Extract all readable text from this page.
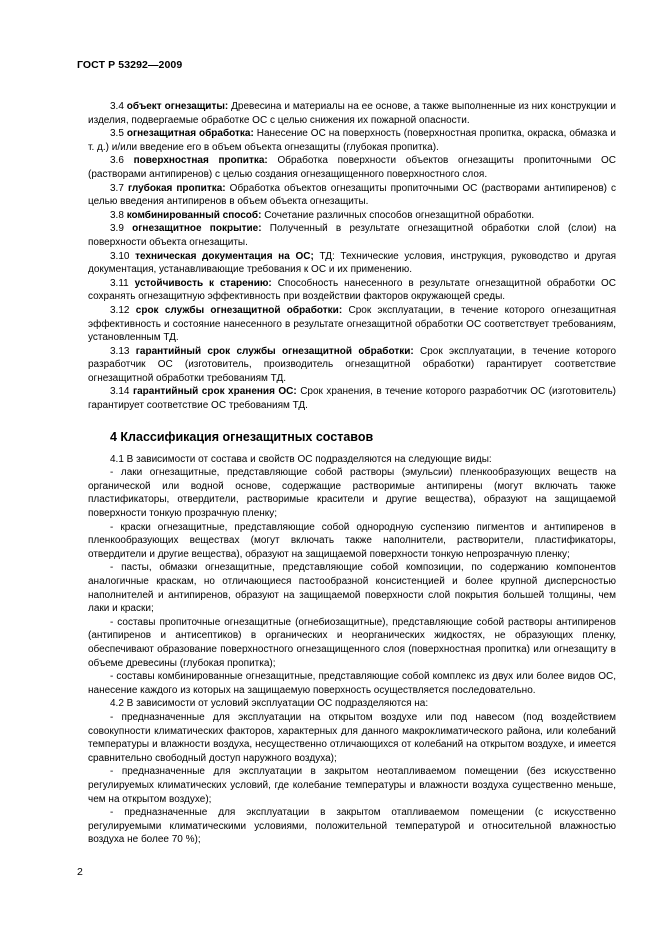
ГОСТ Р 53292—2009

3.4 объект огнезащиты: Древесина и материалы на ее основе, а также выполненные из них конструкции и изделия, подвергаемые обработке ОС с целью снижения их пожарной опасности.

3.5 огнезащитная обработка: Нанесение ОС на поверхность (поверхностная пропитка, окраска, обмазка и т. д.) и/или введение его в объем объекта огнезащиты (глубокая пропитка).

3.6 поверхностная пропитка: Обработка поверхности объектов огнезащиты пропиточными ОС (растворами антипиренов) с целью создания огнезащищенного поверхностного слоя.

3.7 глубокая пропитка: Обработка объектов огнезащиты пропиточными ОС (растворами антипиренов) с целью введения антипиренов в объем объекта огнезащиты.

3.8 комбинированный способ: Сочетание различных способов огнезащитной обработки.

3.9 огнезащитное покрытие: Полученный в результате огнезащитной обработки слой (слои) на поверхности объекта огнезащиты.

3.10 техническая документация на ОС; ТД: Технические условия, инструкция, руководство и другая документация, устанавливающие требования к ОС и их применению.

3.11 устойчивость к старению: Способность нанесенного в результате огнезащитной обработки ОС сохранять огнезащитную эффективность при воздействии факторов окружающей среды.

3.12 срок службы огнезащитной обработки: Срок эксплуатации, в течение которого огнезащитная эффективность и состояние нанесенного в результате огнезащитной обработки ОС соответствует требованиям, установленным ТД.

3.13 гарантийный срок службы огнезащитной обработки: Срок эксплуатации, в течение которого разработчик ОС (изготовитель, производитель огнезащитной обработки) гарантирует соответствие огнезащитной обработки требованиям ТД.

3.14 гарантийный срок хранения ОС: Срок хранения, в течение которого разработчик ОС (изготовитель) гарантирует соответствие ОС требованиям ТД.

4 Классификация огнезащитных составов

4.1 В зависимости от состава и свойств ОС подразделяются на следующие виды:

- лаки огнезащитные, представляющие собой растворы (эмульсии) пленкообразующих веществ на органической или водной основе, содержащие растворимые антипирены (могут включать также пластификаторы, отвердители, растворимые красители и другие вещества), образуют на защищаемой поверхности тонкую прозрачную пленку;

- краски огнезащитные, представляющие собой однородную суспензию пигментов и антипиренов в пленкообразующих веществах (могут включать также наполнители, растворители, пластификаторы, отвердители и другие вещества), образуют на защищаемой поверхности тонкую непрозрачную пленку;

- пасты, обмазки огнезащитные, представляющие собой композиции, по содержанию компонентов аналогичные краскам, но отличающиеся пастообразной консистенцией и более крупной дисперсностью наполнителей и антипиренов, образуют на защищаемой поверхности слой покрытия большей толщины, чем лаки и краски;

- составы пропиточные огнезащитные (огнебиозащитные), представляющие собой растворы антипиренов (антипиренов и антисептиков) в органических и неорганических жидкостях, не образующих пленку, обеспечивают образование поверхностного огнезащищенного слоя (поверхностная пропитка) или огнезащиту в объеме древесины (глубокая пропитка);

- составы комбинированные огнезащитные, представляющие собой комплекс из двух или более видов ОС, нанесение каждого из которых на защищаемую поверхность осуществляется последовательно.

4.2 В зависимости от условий эксплуатации ОС подразделяются на:

- предназначенные для эксплуатации на открытом воздухе или под навесом (под воздействием совокупности климатических факторов, характерных для данного макроклиматического района, или колебаний температуры и влажности воздуха, несущественно отличающихся от колебаний на открытом воздухе, и имеется сравнительно свободный доступ наружного воздуха);

- предназначенные для эксплуатации в закрытом неотапливаемом помещении (без искусственно регулируемых климатических условий, где колебание температуры и влажности воздуха существенно меньше, чем на открытом воздухе);

- предназначенные для эксплуатации в закрытом отапливаемом помещении (с искусственно регулируемыми климатическими условиями, положительной температурой и относительной влажностью воздуха не более 70 %);

2
